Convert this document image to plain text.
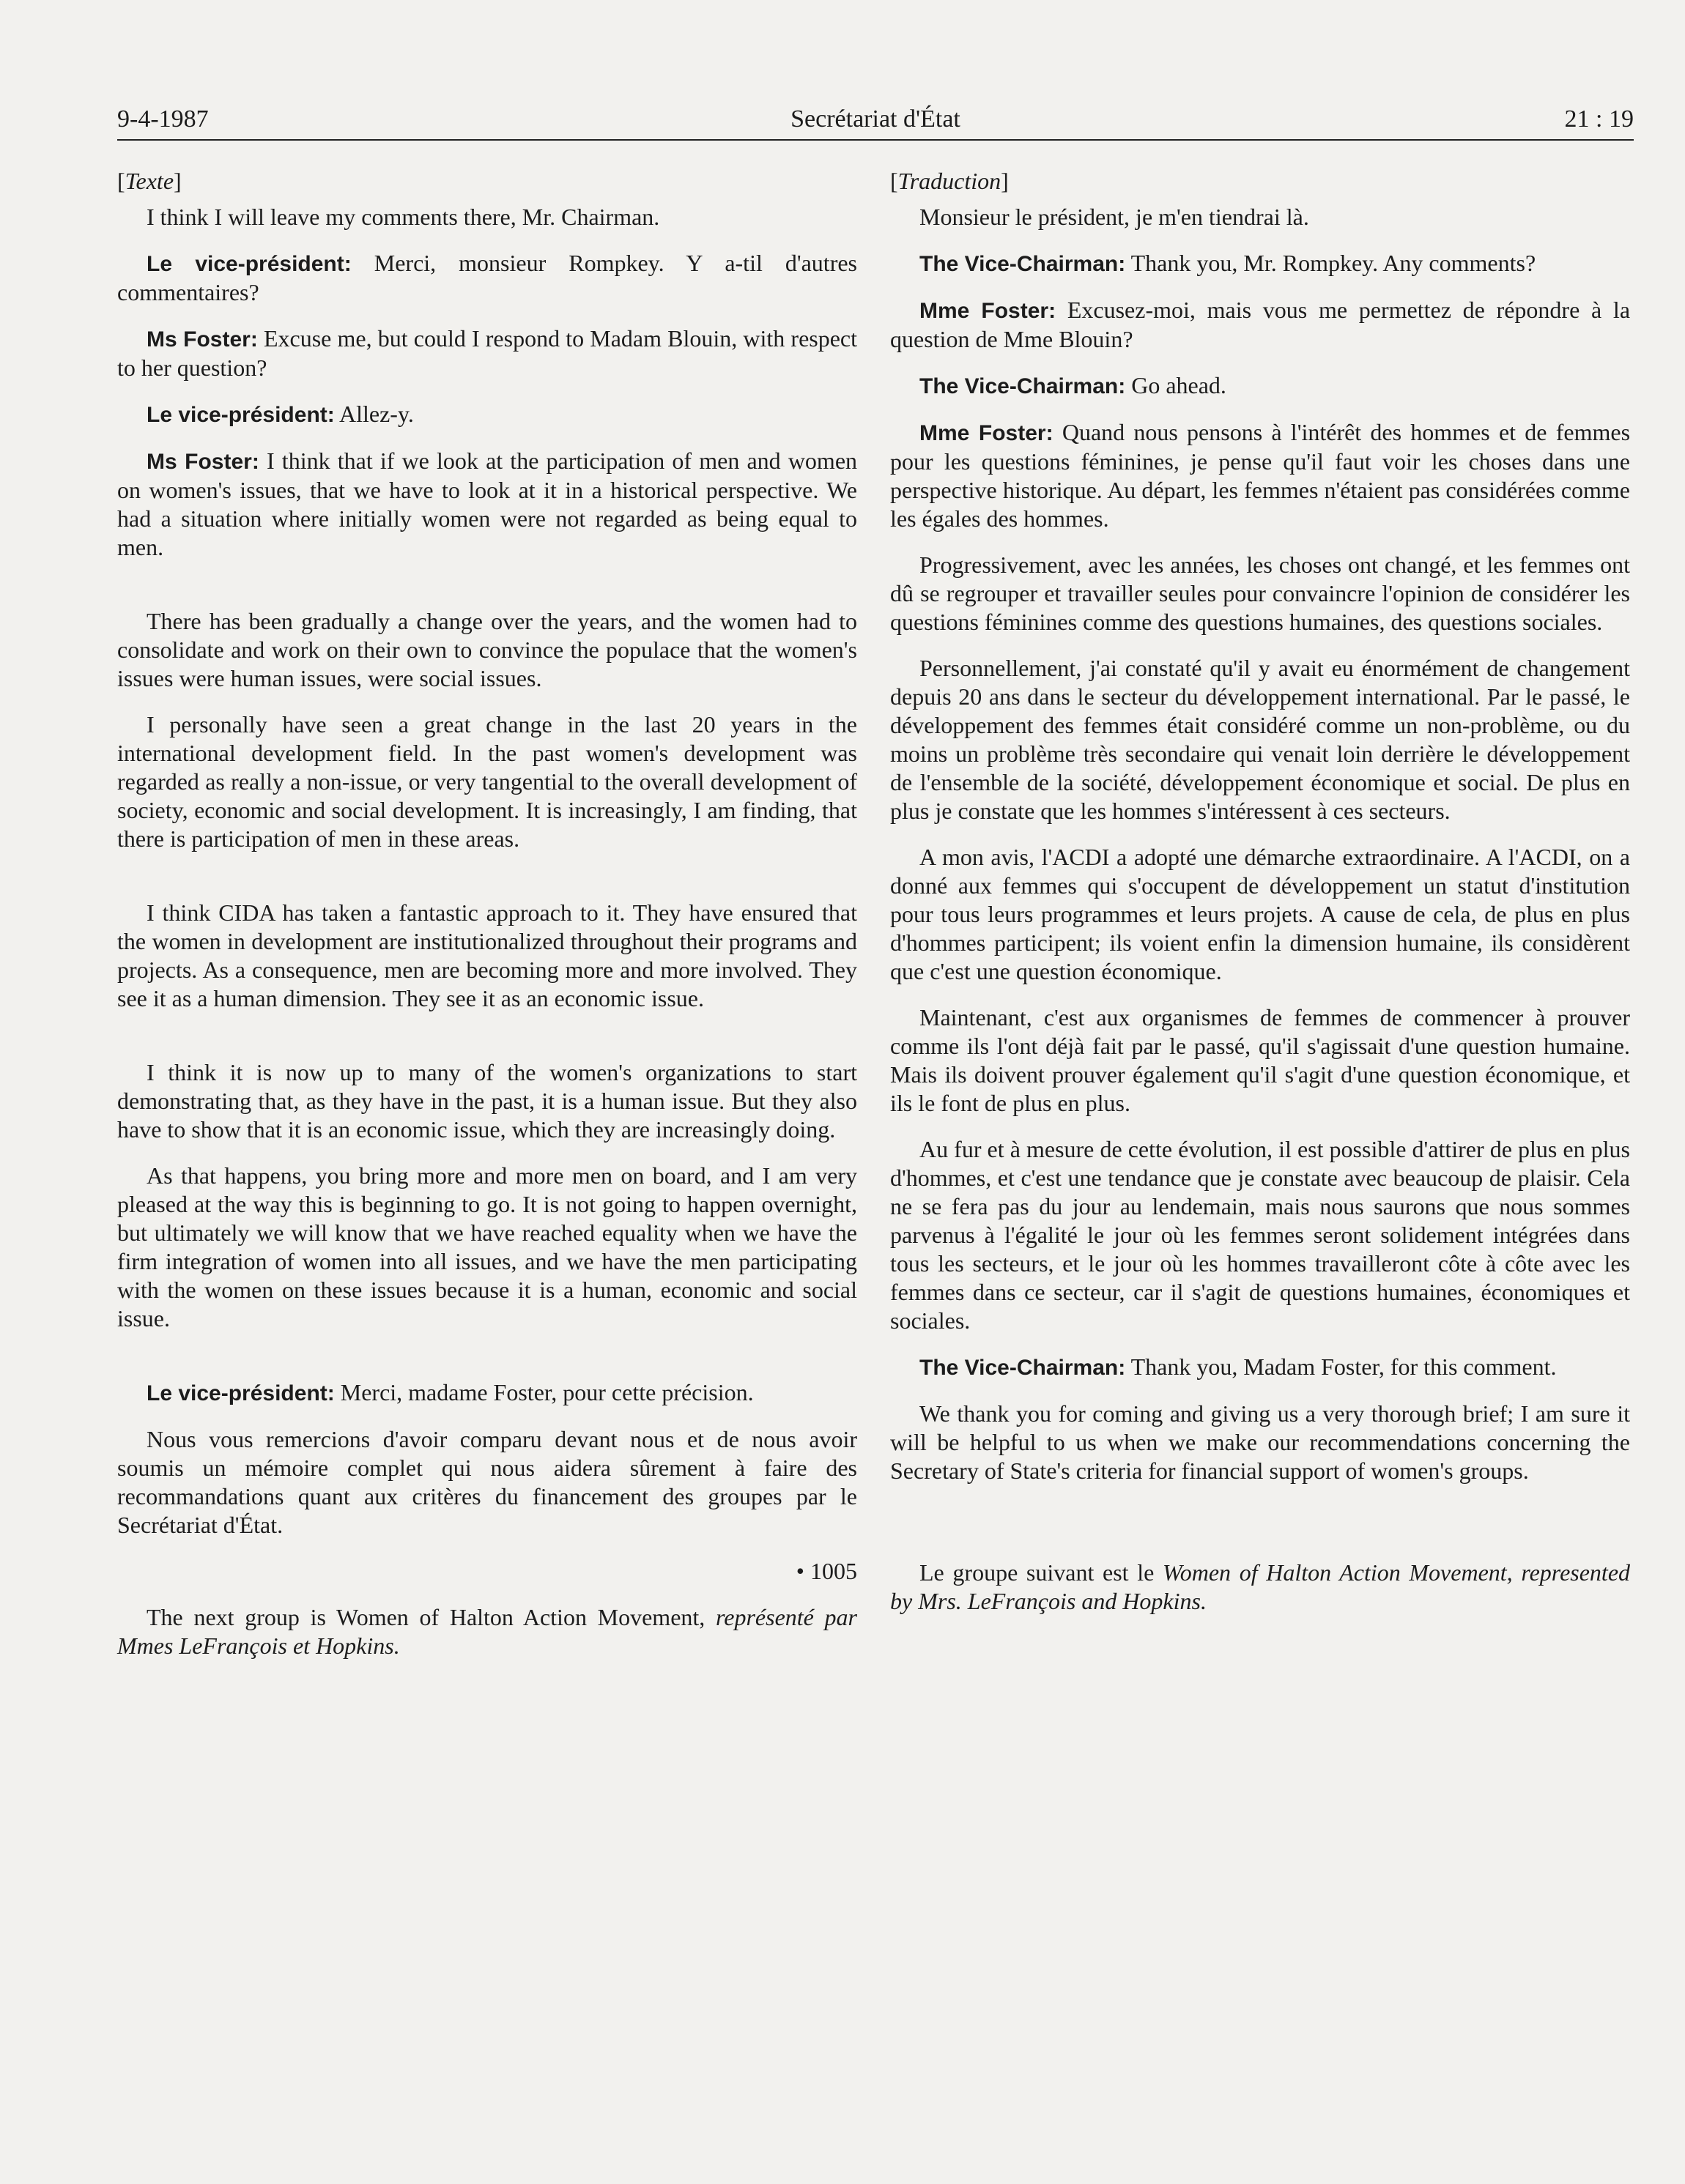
9-4-1987	Secrétariat d'État	21 : 19

[Texte]

I think I will leave my comments there, Mr. Chairman.

Le vice-président: Merci, monsieur Rompkey. Y a-til d'autres commentaires?

Ms Foster: Excuse me, but could I respond to Madam Blouin, with respect to her question?

Le vice-président: Allez-y.

Ms Foster: I think that if we look at the participation of men and women on women's issues, that we have to look at it in a historical perspective. We had a situation where initially women were not regarded as being equal to men.

There has been gradually a change over the years, and the women had to consolidate and work on their own to convince the populace that the women's issues were human issues, were social issues.

I personally have seen a great change in the last 20 years in the international development field. In the past women's development was regarded as really a non-issue, or very tangential to the overall development of society, economic and social development. It is increasingly, I am finding, that there is participation of men in these areas.

I think CIDA has taken a fantastic approach to it. They have ensured that the women in development are institutionalized throughout their programs and projects. As a consequence, men are becoming more and more involved. They see it as a human dimension. They see it as an economic issue.

I think it is now up to many of the women's organizations to start demonstrating that, as they have in the past, it is a human issue. But they also have to show that it is an economic issue, which they are increasingly doing.

As that happens, you bring more and more men on board, and I am very pleased at the way this is beginning to go. It is not going to happen overnight, but ultimately we will know that we have reached equality when we have the firm integration of women into all issues, and we have the men participating with the women on these issues because it is a human, economic and social issue.

Le vice-président: Merci, madame Foster, pour cette précision.

Nous vous remercions d'avoir comparu devant nous et de nous avoir soumis un mémoire complet qui nous aidera sûrement à faire des recommandations quant aux critères du financement des groupes par le Secrétariat d'État.

• 1005

The next group is Women of Halton Action Movement, représenté par Mmes LeFrançois et Hopkins.

[Traduction]

Monsieur le président, je m'en tiendrai là.

The Vice-Chairman: Thank you, Mr. Rompkey. Any comments?

Mme Foster: Excusez-moi, mais vous me permettez de répondre à la question de Mme Blouin?

The Vice-Chairman: Go ahead.

Mme Foster: Quand nous pensons à l'intérêt des hommes et de femmes pour les questions féminines, je pense qu'il faut voir les choses dans une perspective historique. Au départ, les femmes n'étaient pas considérées comme les égales des hommes.

Progressivement, avec les années, les choses ont changé, et les femmes ont dû se regrouper et travailler seules pour convaincre l'opinion de considérer les questions féminines comme des questions humaines, des questions sociales.

Personnellement, j'ai constaté qu'il y avait eu énormément de changement depuis 20 ans dans le secteur du développement international. Par le passé, le développement des femmes était considéré comme un non-problème, ou du moins un problème très secondaire qui venait loin derrière le développement de l'ensemble de la société, développement économique et social. De plus en plus je constate que les hommes s'intéressent à ces secteurs.

A mon avis, l'ACDI a adopté une démarche extraordinaire. A l'ACDI, on a donné aux femmes qui s'occupent de développement un statut d'institution pour tous leurs programmes et leurs projets. A cause de cela, de plus en plus d'hommes participent; ils voient enfin la dimension humaine, ils considèrent que c'est une question économique.

Maintenant, c'est aux organismes de femmes de commencer à prouver comme ils l'ont déjà fait par le passé, qu'il s'agissait d'une question humaine. Mais ils doivent prouver également qu'il s'agit d'une question économique, et ils le font de plus en plus.

Au fur et à mesure de cette évolution, il est possible d'attirer de plus en plus d'hommes, et c'est une tendance que je constate avec beaucoup de plaisir. Cela ne se fera pas du jour au lendemain, mais nous saurons que nous sommes parvenus à l'égalité le jour où les femmes seront solidement intégrées dans tous les secteurs, et le jour où les hommes travailleront côte à côte avec les femmes dans ce secteur, car il s'agit de questions humaines, économiques et sociales.

The Vice-Chairman: Thank you, Madam Foster, for this comment.

We thank you for coming and giving us a very thorough brief; I am sure it will be helpful to us when we make our recommendations concerning the Secretary of State's criteria for financial support of women's groups.

Le groupe suivant est le Women of Halton Action Movement, represented by Mrs. LeFrançois and Hopkins.
